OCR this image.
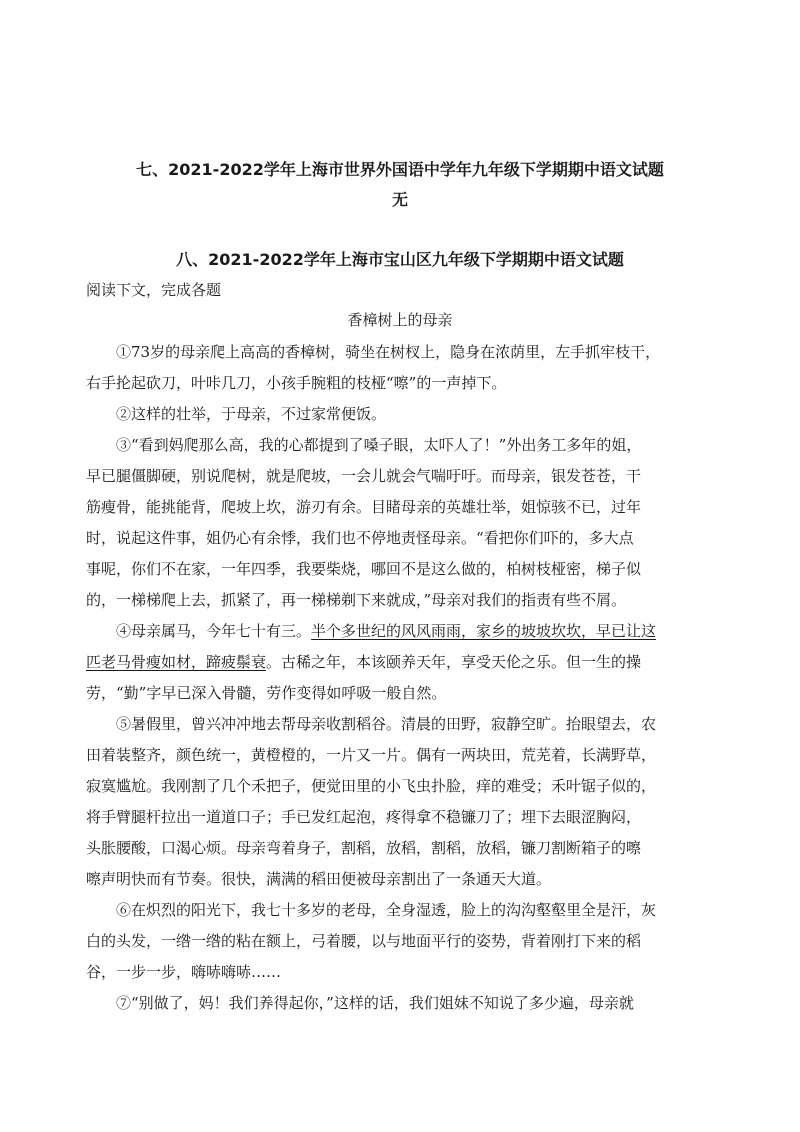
七、2021-2022学年上海市世界外国语中学年九年级下学期期中语文试题
无
八、2021-2022学年上海市宝山区九年级下学期期中语文试题
阅读下文，完成各题
香樟树上的母亲
①73岁的母亲爬上高高的香樟树，骑坐在树杈上，隐身在浓荫里，左手抓牢枝干，
右手抡起砍刀，叶咔几刀，小孩手腕粗的枝桠“嚓”的一声掉下。
②这样的壮举，于母亲，不过家常便饭。
③“看到妈爬那么高，我的心都提到了嗓子眼，太吓人了！”外出务工多年的姐，
早已腿僵脚硬，别说爬树，就是爬坡，一会儿就会气喘吁吁。而母亲，银发苍苍，干
筋瘦骨，能挑能背，爬坡上坎，游刃有余。目睹母亲的英雄壮举，姐惊骇不已，过年
时，说起这件事，姐仍心有余悸，我们也不停地责怪母亲。“看把你们吓的，多大点
事呢，你们不在家，一年四季，我要柴烧，哪回不是这么做的，柏树枝桠密，梯子似
的，一梯梯爬上去，抓紧了，再一梯梯剃下来就成，”母亲对我们的指责有些不屑。
④母亲属马，今年七十有三。半个多世纪的风风雨雨，家乡的坡坡坎坎，早已让这
匹老马骨瘦如材，蹄疲鬃衰。古稀之年，本该颐养天年，享受天伦之乐。但一生的操
劳，“勤”字早已深入骨髓，劳作变得如呼吸一般自然。
⑤暑假里，曾兴冲冲地去帮母亲收割稻谷。清晨的田野，寂静空旷。抬眼望去，农
田着装整齐，颜色统一，黄橙橙的，一片又一片。偶有一两块田，荒芜着，长满野草，
寂寞尴尬。我刚割了几个禾把子，便觉田里的小飞虫扑脸，痒的难受；禾叶锯子似的，
将手臂腿杆拉出一道道口子；手已发红起泡，疼得拿不稳镰刀了；埋下去眼涩胸闷，
头胀腰酸，口渴心烦。母亲弯着身子，割稻，放稻，割稻，放稻，镰刀割断箱子的嚓
嚓声明快而有节奏。很快，满满的稻田便被母亲割出了一条通天大道。
⑥在炽烈的阳光下，我七十多岁的老母，全身湿透，脸上的沟沟壑壑里全是汗，灰
白的头发，一绺一绺的粘在额上，弓着腰，以与地面平行的姿势，背着刚打下来的稻
谷，一步一步，嗨哧嗨哧……
⑦“别做了，妈！我们养得起你，”这样的话，我们姐妹不知说了多少遍，母亲就
